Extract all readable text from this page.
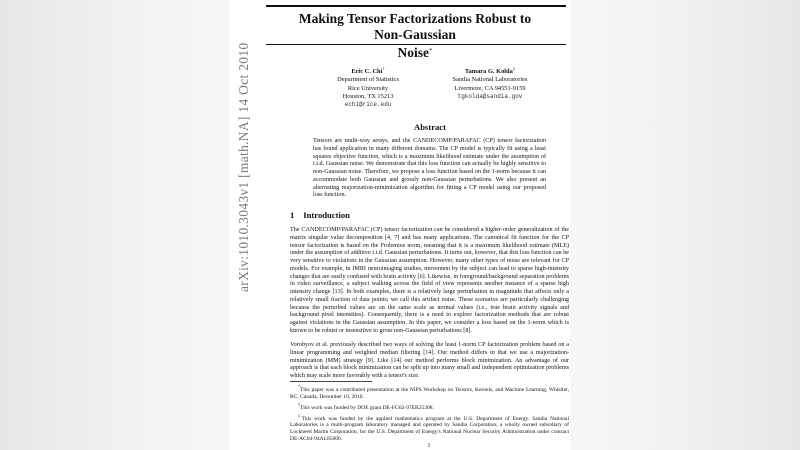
arXiv:1010.3043v1 [math.NA] 14 Oct 2010
Making Tensor Factorizations Robust to Non-Gaussian
Noise*
Eric C. Chi†
Department of Statistics
Rice University
Houston, TX 15213
echi@rice.edu
Tamara G. Kolda‡
Sandia National Laboratories
Livermore, CA 94551-9159
tgkolda@sandia.gov
Abstract
Tensors are multi-way arrays, and the CANDECOMP/PARAFAC (CP) tensor factorization has found application in many different domains. The CP model is typically fit using a least squares objective function, which is a maximum likelihood estimate under the assumption of i.i.d. Gaussian noise. We demonstrate that this loss function can actually be highly sensitive to non-Gaussian noise. Therefore, we propose a loss function based on the 1-norm because it can accommodate both Gaussian and grossly non-Gaussian perturbations. We also present an alternating majorization-minimization algorithm for fitting a CP model using our proposed loss function.
1 Introduction
The CANDECOMP/PARAFAC (CP) tensor factorization can be considered a higher-order generalization of the matrix singular value decomposition [4, 7] and has many applications. The canonical fit function for the CP tensor factorization is based on the Frobenius norm, meaning that it is a maximum likelihood estimate (MLE) under the assumption of additive i.i.d. Gaussian perturbations. It turns out, however, that this loss function can be very sensitive to violations in the Gaussian assumption. However, many other types of noise are relevant for CP models. For example, in fMRI neuroimaging studies, movement by the subject can lead to sparse high-intensity changes that are easily confused with brain activity [6]. Likewise, in foreground/background separation problems in video surveillance, a subject walking across the field of view represents another instance of a sparse high intensity change [13]. In both examples, there is a relatively large perturbation in magnitude that affects only a relatively small fraction of data points; we call this artifact noise. These scenarios are particularly challenging because the perturbed values are on the same scale as normal values (i.e., true brain activity signals and background pixel intensities). Consequently, there is a need to explore factorization methods that are robust against violations in the Gaussian assumption. In this paper, we consider a loss based on the 1-norm which is known to be robust or insensitive to gross non-Gaussian perturbations [8].
Vorobyov et al. previously described two ways of solving the least 1-norm CP factorization problem based on a linear programming and weighted median filtering [14]. Our method differs in that we use a majorization-minimization (MM) strategy [9]. Like [14] our method performs block minimization. An advantage of our approach is that each block minimization can be split up into many small and independent optimization problems which may scale more favorably with a tensor's size.
*This paper was a contributed presentation at the NIPS Workshop on Tensors, Kernels, and Machine Learning, Whistler, BC, Canada, December 10, 2010.
†This work was funded by DOE grant DE-FG02-97ER25308.
‡This work was funded by the applied mathematics program at the U.S. Department of Energy. Sandia National Laboratories is a multi-program laboratory managed and operated by Sandia Corporation, a wholly owned subsidiary of Lockheed Martin Corporation, for the U.S. Department of Energy's National Nuclear Security Administration under contract DE-AC04-94AL85000.
1
